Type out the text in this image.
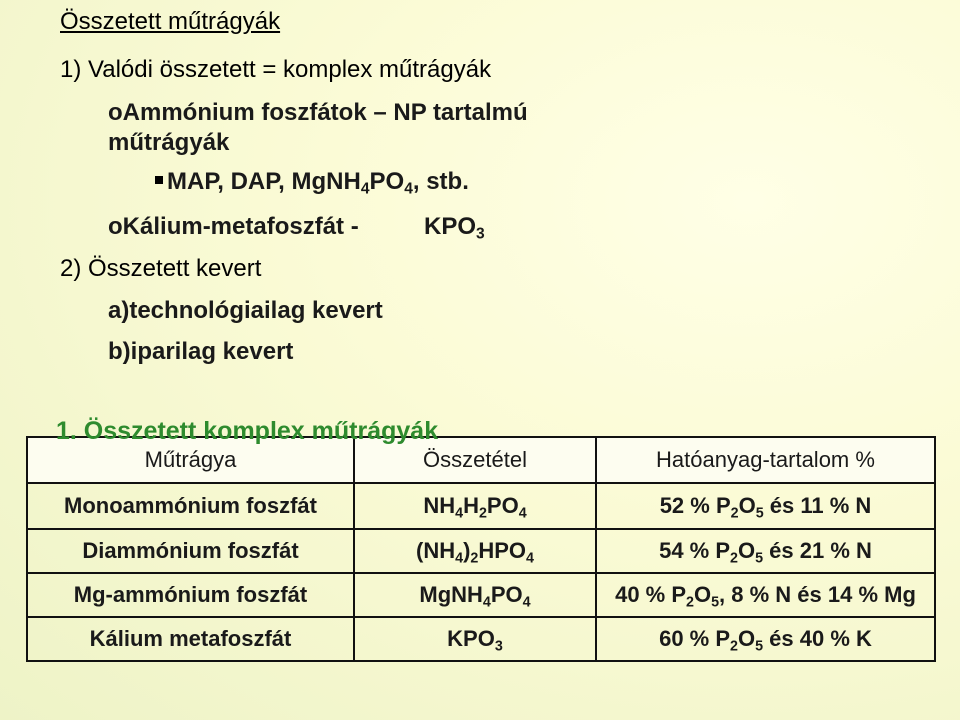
Összetett műtrágyák
1) Valódi összetett = komplex műtrágyák
oAmmónium foszfátok – NP tartalmú
műtrágyák
MAP, DAP, $MgNH_4PO_4$, stb.
oKálium-metafoszfát -	$KPO_3$
2) Összetett kevert
a)technológiailag kevert
b)iparilag kevert
1. Összetett komplex műtrágyák
Műtrágya	Összetétel	Hatóanyag-tartalom %
Monoammónium foszfát	$NH_4H_2PO_4$	52 % $P_2O_5$ és 11 % N
Diammónium foszfát	$(NH_4)_2HPO_4$	54 % $P_2O_5$ és 21 % N
Mg-ammónium foszfát	$MgNH_4PO_4$	40 % $P_2O_5$, 8 % N és 14 % Mg
Kálium metafoszfát	$KPO_3$	60 % $P_2O_5$ és 40 % K
